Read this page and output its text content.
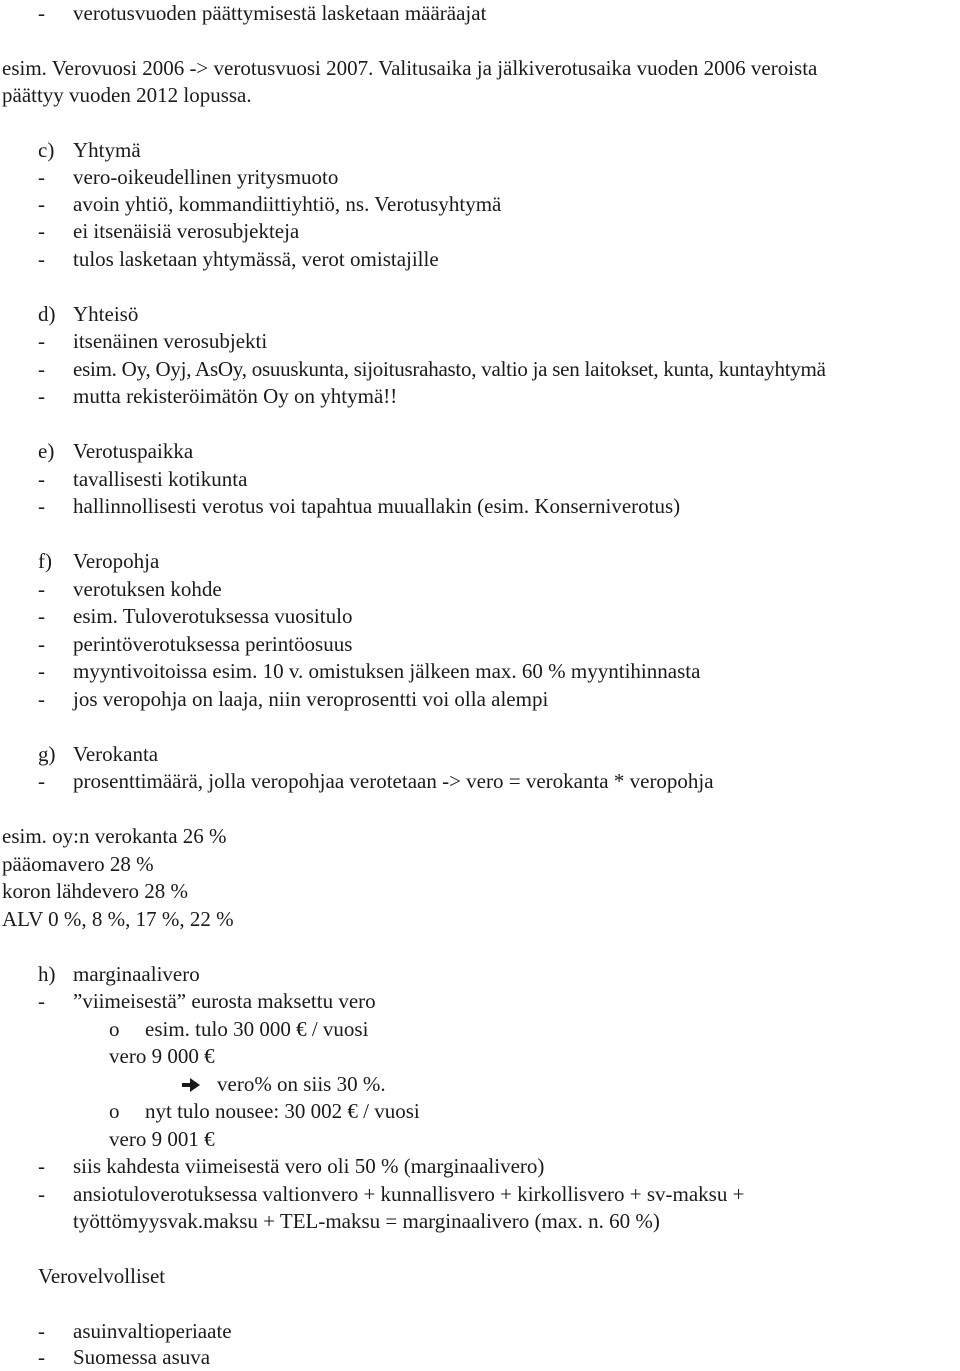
- verotusvuoden päättymisestä lasketaan määräajat
esim. Verovuosi 2006 -> verotusvuosi 2007. Valitusaika ja jälkiverotusaika vuoden 2006 veroista
päättyy vuoden 2012 lopussa.
c) Yhtymä
- vero-oikeudellinen yritysmuoto
- avoin yhtiö, kommandiittiyhtiö, ns. Verotusyhtymä
- ei itsenäisiä verosubjekteja
- tulos lasketaan yhtymässä, verot omistajille
d) Yhteisö
- itsenäinen verosubjekti
- esim. Oy, Oyj, AsOy, osuuskunta, sijoitusrahasto, valtio ja sen laitokset, kunta, kuntayhtymä
- mutta rekisteröimätön Oy on yhtymä!!
e) Verotuspaikka
- tavallisesti kotikunta
- hallinnollisesti verotus voi tapahtua muuallakin (esim. Konserniverotus)
f) Veropohja
- verotuksen kohde
- esim. Tuloverotuksessa vuositulo
- perintöverotuksessa perintöosuus
- myyntivoitoissa esim. 10 v. omistuksen jälkeen max. 60 % myyntihinnasta
- jos veropohja on laaja, niin veroprosentti voi olla alempi
g) Verokanta
- prosenttimäärä, jolla veropohjaa verotetaan -> vero = verokanta * veropohja
esim. oy:n verokanta 26 %
pääomavero 28 %
koron lähdevero 28 %
ALV 0 %, 8 %, 17 %, 22 %
h) marginaalivero
- ”viimeisestä” eurosta maksettu vero
o esim. tulo 30 000 € / vuosi
vero 9 000 €
vero% on siis 30 %.
o nyt tulo nousee: 30 002 € / vuosi
vero 9 001 €
- siis kahdesta viimeisestä vero oli 50 % (marginaalivero)
- ansiotuloverotuksessa valtionvero + kunnallisvero + kirkollisvero + sv-maksu +
työttömyysvak.maksu + TEL-maksu = marginaalivero (max. n. 60 %)
Verovelvolliset
- asuinvaltioperiaate
- Suomessa asuva
